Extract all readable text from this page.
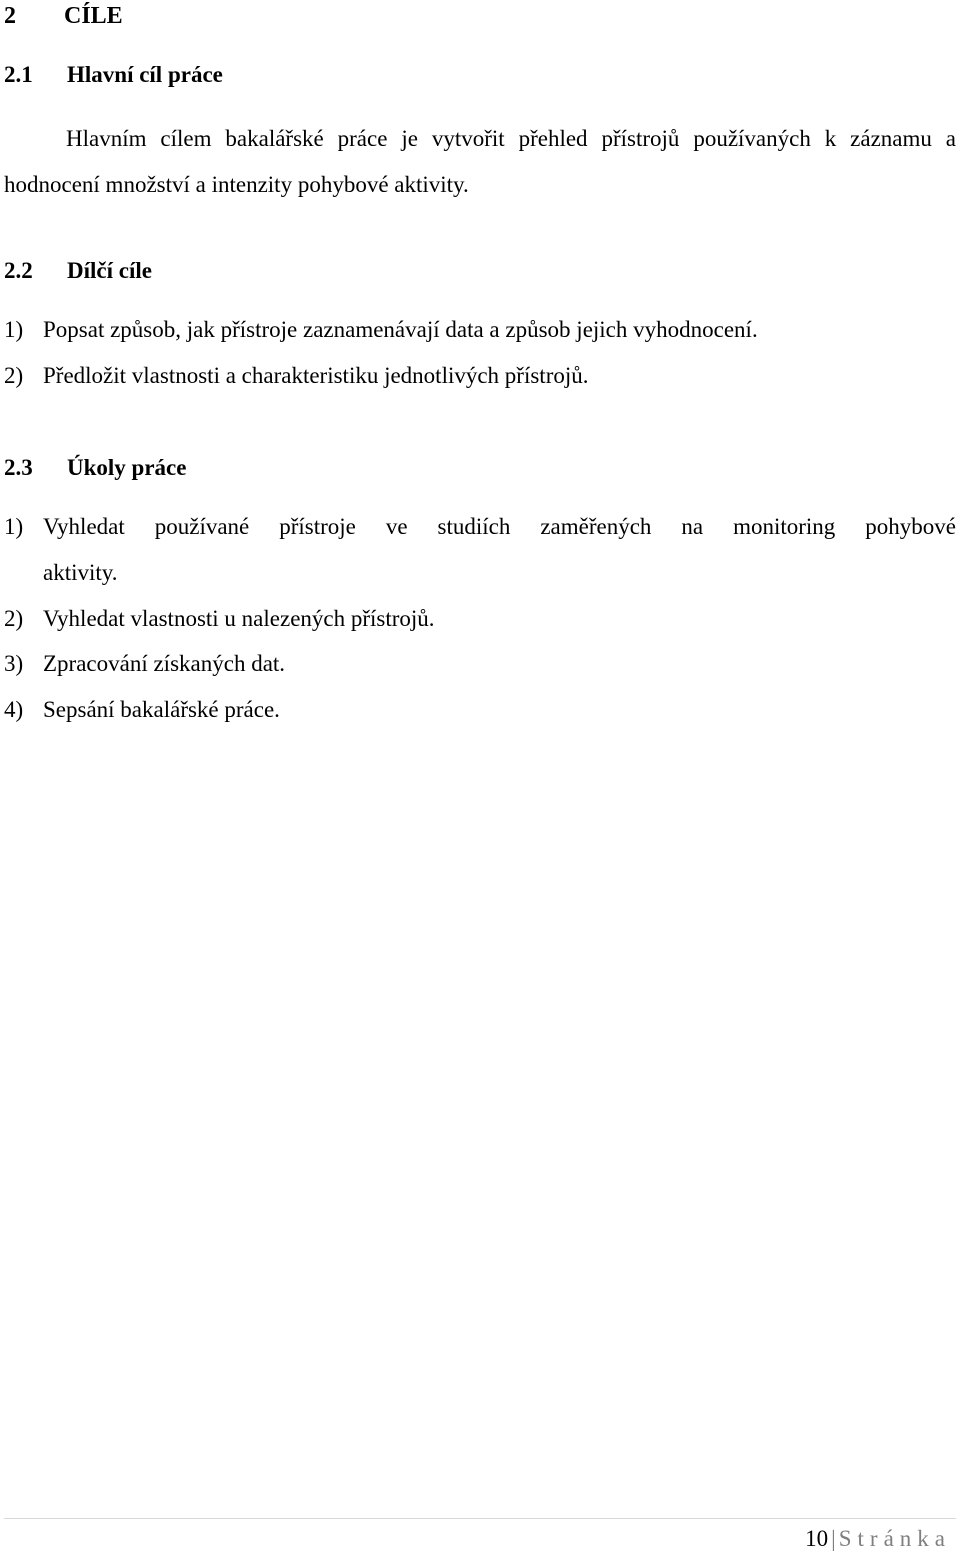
2 CÍLE
2.1 Hlavní cíl práce
Hlavním cílem bakalářské práce je vytvořit přehled přístrojů používaných k záznamu a hodnocení množství a intenzity pohybové aktivity.
2.2 Dílčí cíle
1) Popsat způsob, jak přístroje zaznamenávají data a způsob jejich vyhodnocení.
2) Předložit vlastnosti a charakteristiku jednotlivých přístrojů.
2.3 Úkoly práce
1) Vyhledat používané přístroje ve studiích zaměřených na monitoring pohybové
aktivity.
2) Vyhledat vlastnosti u nalezených přístrojů.
3) Zpracování získaných dat.
4) Sepsání bakalářské práce.
10 | Stránka
